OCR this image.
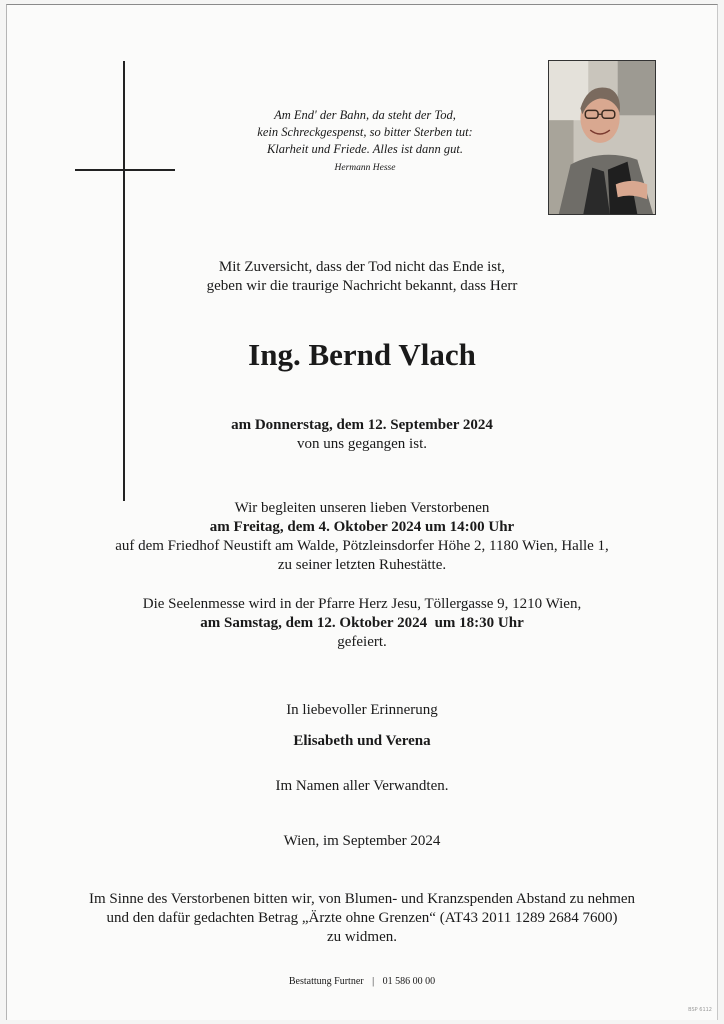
Am End' der Bahn, da steht der Tod,
kein Schreckgespenst, so bitter Sterben tut:
Klarheit und Friede. Alles ist dann gut.
Hermann Hesse
Mit Zuversicht, dass der Tod nicht das Ende ist,
geben wir die traurige Nachricht bekannt, dass Herr
Ing. Bernd Vlach
am Donnerstag, dem 12. September 2024
von uns gegangen ist.
Wir begleiten unseren lieben Verstorbenen
am Freitag, dem 4. Oktober 2024 um 14:00 Uhr
auf dem Friedhof Neustift am Walde, Pötzleinsdorfer Höhe 2, 1180 Wien, Halle 1,
zu seiner letzten Ruhestätte.
Die Seelenmesse wird in der Pfarre Herz Jesu, Töllergasse 9, 1210 Wien,
am Samstag, dem 12. Oktober 2024  um 18:30 Uhr
gefeiert.
In liebevoller Erinnerung
Elisabeth und Verena
Im Namen aller Verwandten.
Wien, im September 2024
Im Sinne des Verstorbenen bitten wir, von Blumen- und Kranzspenden Abstand zu nehmen
und den dafür gedachten Betrag „Ärzte ohne Grenzen“ (AT43 2011 1289 2684 7600)
zu widmen.
Bestattung Furtner | 01 586 00 00
BSP 6112
